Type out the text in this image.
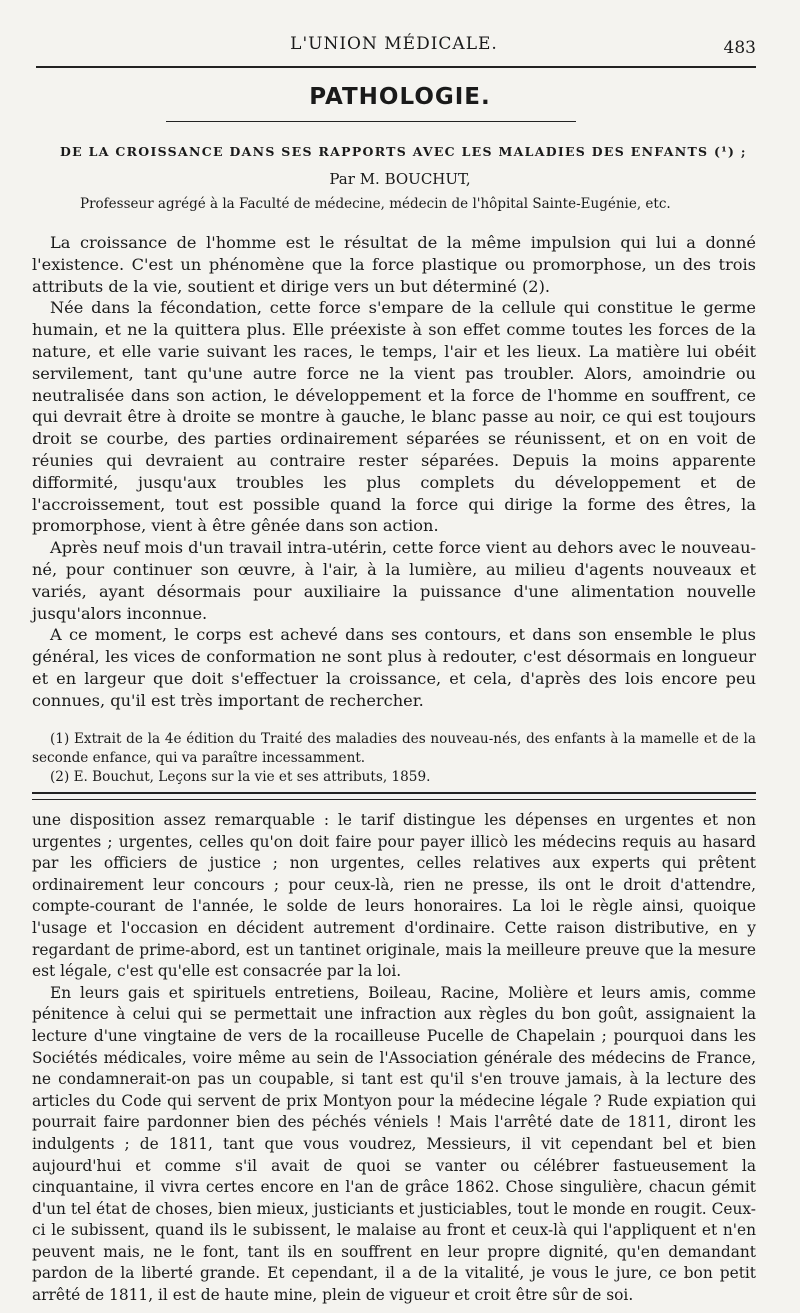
L'UNION MÉDICALE.	483
PATHOLOGIE.
DE LA CROISSANCE DANS SES RAPPORTS AVEC LES MALADIES DES ENFANTS (¹) ;
Par M. BOUCHUT,
Professeur agrégé à la Faculté de médecine, médecin de l'hôpital Sainte-Eugénie, etc.

La croissance de l'homme est le résultat de la même impulsion qui lui a donné l'existence. C'est un phénomène que la force plastique ou promorphose, un des trois attributs de la vie, soutient et dirige vers un but déterminé (2).

Née dans la fécondation, cette force s'empare de la cellule qui constitue le germe humain, et ne la quittera plus. Elle préexiste à son effet comme toutes les forces de la nature, et elle varie suivant les races, le temps, l'air et les lieux. La matière lui obéit servilement, tant qu'une autre force ne la vient pas troubler. Alors, amoindrie ou neutralisée dans son action, le développement et la force de l'homme en souffrent, ce qui devrait être à droite se montre à gauche, le blanc passe au noir, ce qui est toujours droit se courbe, des parties ordinairement séparées se réunissent, et on en voit de réunies qui devraient au contraire rester séparées. Depuis la moins apparente difformité, jusqu'aux troubles les plus complets du développement et de l'accroissement, tout est possible quand la force qui dirige la forme des êtres, la promorphose, vient à être gênée dans son action.

Après neuf mois d'un travail intra-utérin, cette force vient au dehors avec le nouveau-né, pour continuer son œuvre, à l'air, à la lumière, au milieu d'agents nouveaux et variés, ayant désormais pour auxiliaire la puissance d'une alimentation nouvelle jusqu'alors inconnue.

A ce moment, le corps est achevé dans ses contours, et dans son ensemble le plus général, les vices de conformation ne sont plus à redouter, c'est désormais en longueur et en largeur que doit s'effectuer la croissance, et cela, d'après des lois encore peu connues, qu'il est très important de rechercher.

(1) Extrait de la 4e édition du Traité des maladies des nouveau-nés, des enfants à la mamelle et de la seconde enfance, qui va paraître incessamment.

(2) E. Bouchut, Leçons sur la vie et ses attributs, 1859.

une disposition assez remarquable : le tarif distingue les dépenses en urgentes et non urgentes ; urgentes, celles qu'on doit faire pour payer illicò les médecins requis au hasard par les officiers de justice ; non urgentes, celles relatives aux experts qui prêtent ordinairement leur concours ; pour ceux-là, rien ne presse, ils ont le droit d'attendre, compte-courant de l'année, le solde de leurs honoraires. La loi le règle ainsi, quoique l'usage et l'occasion en décident autrement d'ordinaire. Cette raison distributive, en y regardant de prime-abord, est un tantinet originale, mais la meilleure preuve que la mesure est légale, c'est qu'elle est consacrée par la loi.

En leurs gais et spirituels entretiens, Boileau, Racine, Molière et leurs amis, comme pénitence à celui qui se permettait une infraction aux règles du bon goût, assignaient la lecture d'une vingtaine de vers de la rocailleuse Pucelle de Chapelain ; pourquoi dans les Sociétés médicales, voire même au sein de l'Association générale des médecins de France, ne condamnerait-on pas un coupable, si tant est qu'il s'en trouve jamais, à la lecture des articles du Code qui servent de prix Montyon pour la médecine légale ? Rude expiation qui pourrait faire pardonner bien des péchés véniels ! Mais l'arrêté date de 1811, diront les indulgents ; de 1811, tant que vous voudrez, Messieurs, il vit cependant bel et bien aujourd'hui et comme s'il avait de quoi se vanter ou célébrer fastueusement la cinquantaine, il vivra certes encore en l'an de grâce 1862. Chose singulière, chacun gémit d'un tel état de choses, bien mieux, justiciants et justiciables, tout le monde en rougit. Ceux-ci le subissent, quand ils le subissent, le malaise au front et ceux-là qui l'appliquent et n'en peuvent mais, ne le font, tant ils en souffrent en leur propre dignité, qu'en demandant pardon de la liberté grande. Et cependant, il a de la vitalité, je vous le jure, ce bon petit arrêté de 1811, il est de haute mine, plein de vigueur et croit être sûr de soi.
